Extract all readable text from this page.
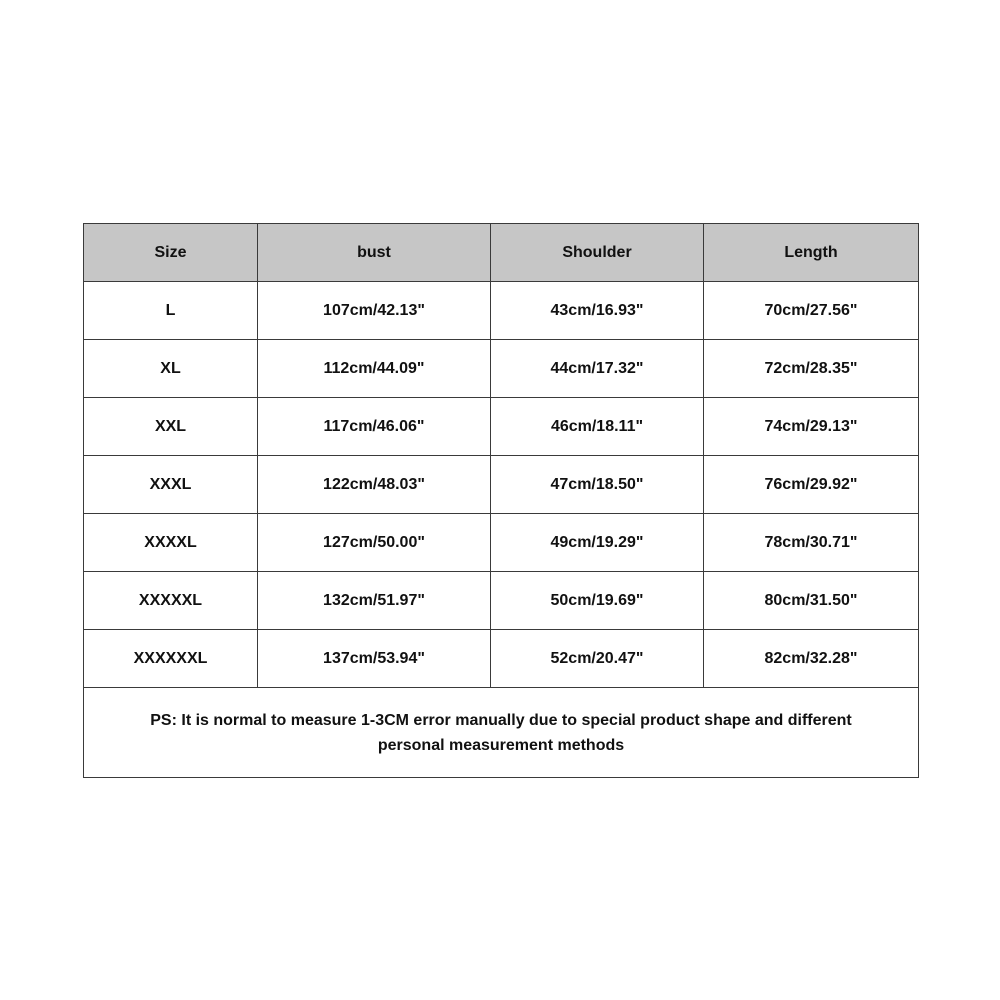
Size	bust	Shoulder	Length
L	107cm/42.13"	43cm/16.93"	70cm/27.56"
XL	112cm/44.09"	44cm/17.32"	72cm/28.35"
XXL	117cm/46.06"	46cm/18.11"	74cm/29.13"
XXXL	122cm/48.03"	47cm/18.50"	76cm/29.92"
XXXXL	127cm/50.00"	49cm/19.29"	78cm/30.71"
XXXXXL	132cm/51.97"	50cm/19.69"	80cm/31.50"
XXXXXXL	137cm/53.94"	52cm/20.47"	82cm/32.28"

PS: It is normal to measure 1-3CM error manually due to special product shape and different
personal measurement methods			
